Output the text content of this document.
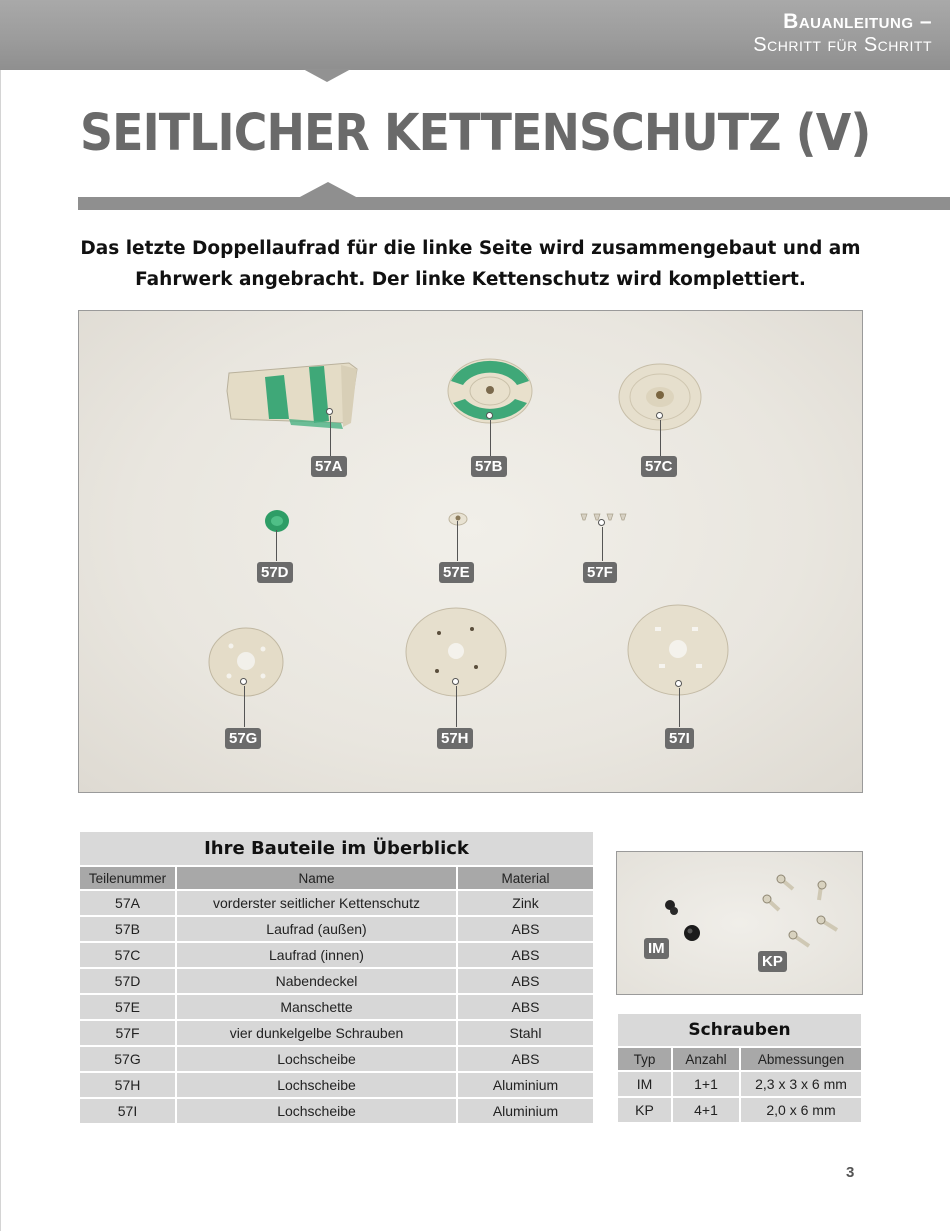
Bauanleitung –
Schritt für Schritt
SEITLICHER KETTENSCHUTZ (V)
Das letzte Doppellaufrad für die linke Seite wird zusammengebaut und am
Fahrwerk angebracht. Der linke Kettenschutz wird komplettiert.
57A	57B	57C
57D	57E	57F
57G	57H	57I
Ihre Bauteile im Überblick		
Teilenummer	Name	Material
57A	vorderster seitlicher Kettenschutz	Zink
57B	Laufrad (außen)	ABS
57C	Laufrad (innen)	ABS
57D	Nabendeckel	ABS
57E	Manschette	ABS
57F	vier dunkelgelbe Schrauben	Stahl
57G	Lochscheibe	ABS
57H	Lochscheibe	Aluminium
57I	Lochscheibe	Aluminium
IM
KP
Schrauben		
Typ	Anzahl	Abmessungen
IM	1+1	2,3 x 3 x 6 mm
KP	4+1	2,0 x 6 mm
3
